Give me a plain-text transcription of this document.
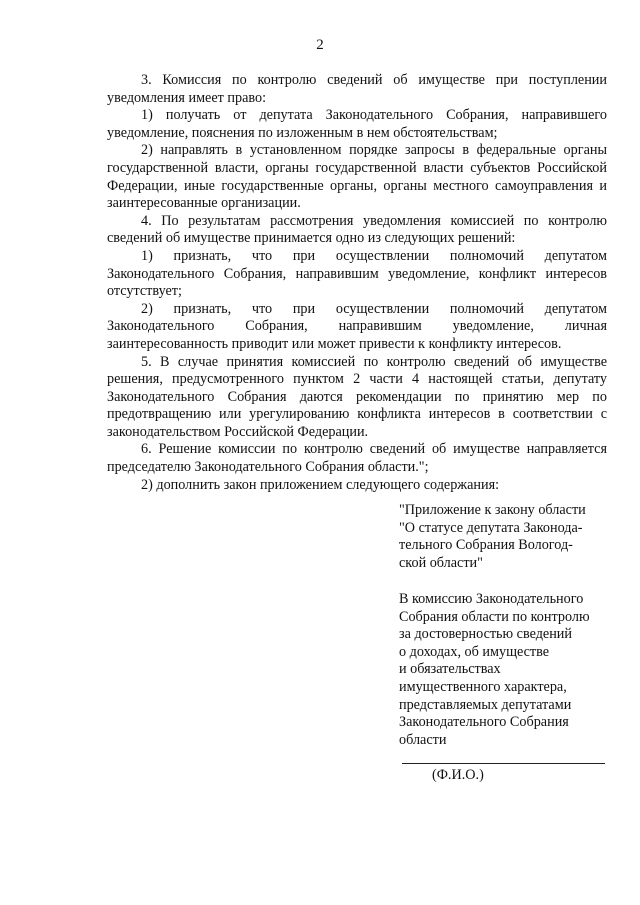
2

3. Комиссия по контролю сведений об имуществе при поступлении уведомления имеет право:

1) получать от депутата Законодательного Собрания, направившего уведомление, пояснения по изложенным в нем обстоятельствам;

2) направлять в установленном порядке запросы в федеральные органы государственной власти, органы государственной власти субъектов Российской Федерации, иные государственные органы, органы местного самоуправления и заинтересованные организации.

4. По результатам рассмотрения уведомления комиссией по контролю сведений об имуществе принимается одно из следующих решений:

1) признать, что при осуществлении полномочий депутатом Законодательного Собрания, направившим уведомление, конфликт интересов отсутствует;

2) признать, что при осуществлении полномочий депутатом Законодательного Собрания, направившим уведомление, личная заинтересованность приводит или может привести к конфликту интересов.

5. В случае принятия комиссией по контролю сведений об имуществе решения, предусмотренного пунктом 2 части 4 настоящей статьи, депутату Законодательного Собрания даются рекомендации по принятию мер по предотвращению или урегулированию конфликта интересов в соответствии с законодательством Российской Федерации.

6. Решение комиссии по контролю сведений об имуществе направляется председателю Законодательного Собрания области.";

2) дополнить закон приложением следующего содержания:

"Приложение к закону области
"О статусе депутата Законода-
тельного Собрания Вологод-
ской области"
В комиссию Законодательного
Собрания области по контролю
за достоверностью сведений
о доходах, об имуществе
и обязательствах
имущественного характера,
представляемых депутатами
Законодательного Собрания
области
(Ф.И.О.)
